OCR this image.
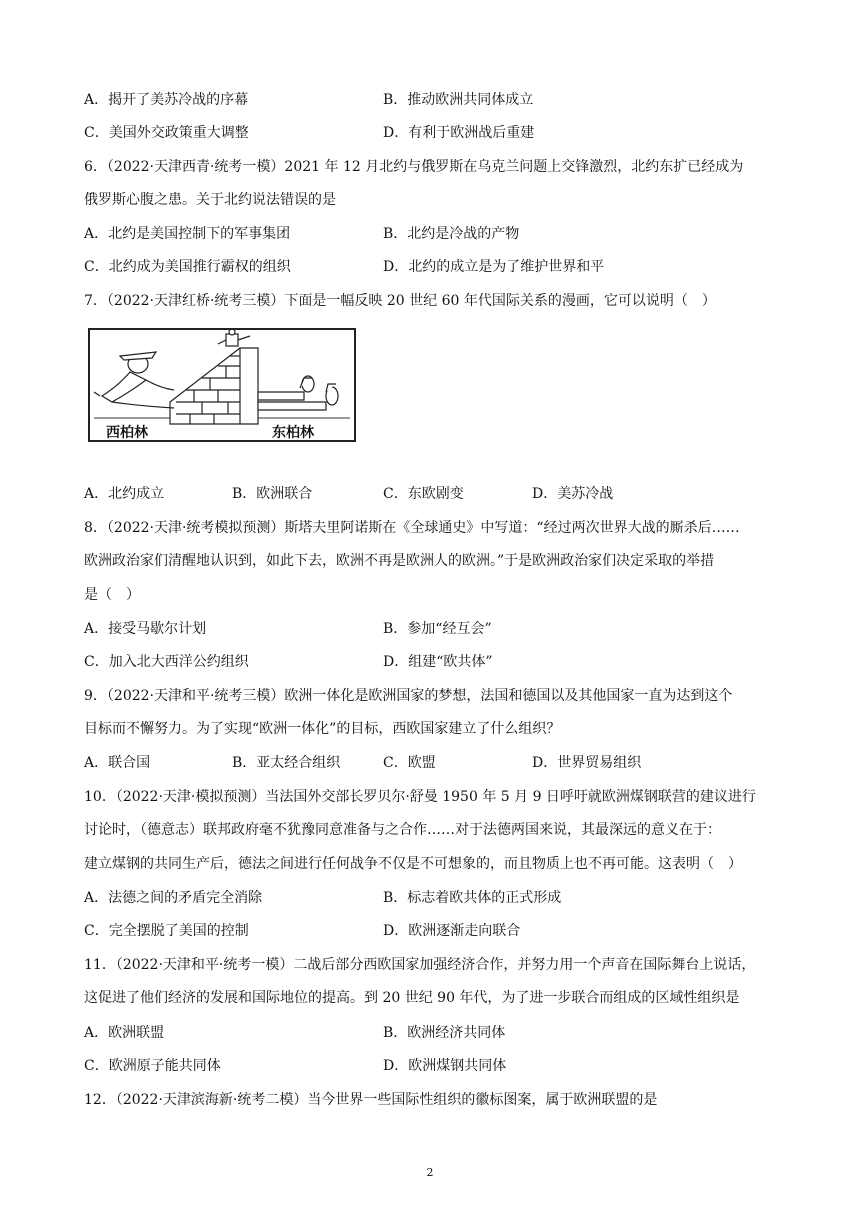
A．揭开了美苏冷战的序幕	B．推动欧洲共同体成立
C．美国外交政策重大调整	D．有利于欧洲战后重建
6．（2022·天津西青·统考一模）2021 年 12 月北约与俄罗斯在乌克兰问题上交锋激烈，北约东扩已经成为
俄罗斯心腹之患。关于北约说法错误的是
A．北约是美国控制下的军事集团	B．北约是冷战的产物
C．北约成为美国推行霸权的组织	D．北约的成立是为了维护世界和平
7．（2022·天津红桥·统考三模）下面是一幅反映 20 世纪 60 年代国际关系的漫画，它可以说明（　）
西柏林	东柏林
A．北约成立	B．欧洲联合	C．东欧剧变	D．美苏冷战
8．（2022·天津·统考模拟预测）斯塔夫里阿诺斯在《全球通史》中写道：“经过两次世界大战的厮杀后……
欧洲政治家们清醒地认识到，如此下去，欧洲不再是欧洲人的欧洲。”于是欧洲政治家们决定采取的举措
是（　）
A．接受马歇尔计划	B．参加“经互会”
C．加入北大西洋公约组织	D．组建“欧共体”
9．（2022·天津和平·统考三模）欧洲一体化是欧洲国家的梦想，法国和德国以及其他国家一直为达到这个
目标而不懈努力。为了实现“欧洲一体化”的目标，西欧国家建立了什么组织？
A．联合国	B．亚太经合组织	C．欧盟	D．世界贸易组织
10．（2022·天津·模拟预测）当法国外交部长罗贝尔·舒曼 1950 年 5 月 9 日呼吁就欧洲煤钢联营的建议进行
讨论时，（德意志）联邦政府毫不犹豫同意准备与之合作……对于法德两国来说，其最深远的意义在于：
建立煤钢的共同生产后，德法之间进行任何战争不仅是不可想象的，而且物质上也不再可能。这表明（　）
A．法德之间的矛盾完全消除	B．标志着欧共体的正式形成
C．完全摆脱了美国的控制	D．欧洲逐渐走向联合
11．（2022·天津和平·统考一模）二战后部分西欧国家加强经济合作，并努力用一个声音在国际舞台上说话，
这促进了他们经济的发展和国际地位的提高。到 20 世纪 90 年代，为了进一步联合而组成的区域性组织是
A．欧洲联盟	B．欧洲经济共同体
C．欧洲原子能共同体	D．欧洲煤钢共同体
12．（2022·天津滨海新·统考二模）当今世界一些国际性组织的徽标图案，属于欧洲联盟的是
2
